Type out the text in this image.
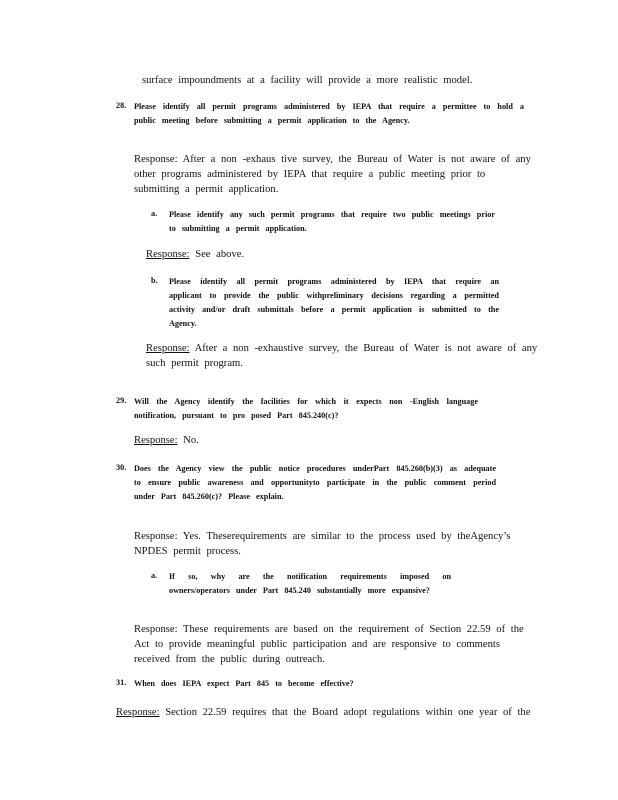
surface impoundments at a facility will provide a more realistic model.

28. Please identify all permit programs administered by IEPA that require a permittee to hold a public meeting before submitting a permit application to the Agency.

Response: After a non -exhaus tive survey, the Bureau of Water is not aware of any other programs administered by IEPA that require a public meeting prior to submitting a permit application.

a. Please identify any such permit programs that require two public meetings prior to submitting a permit application.

Response: See above.

b. Please identify all permit programs administered by IEPA that require an applicant to provide the public withpreliminary decisions regarding a permitted activity and/or draft submittals before a permit application is submitted to the Agency.

Response: After a non -exhaustive survey, the Bureau of Water is not aware of any such permit program.

29. Will the Agency identify the facilities for which it expects non -English language notification, pursuant to pro posed Part 845.240(c)?

Response: No.

30. Does the Agency view the public notice procedures underPart 845.260(b)(3) as adequate to ensure public awareness and opportunityto participate in the public comment period under Part 845.260(c)? Please explain.

Response: Yes. Theserequirements are similar to the process used by theAgency’s NPDES permit process.

a. If so, why are the notification requirements imposed on owners/operators under Part 845.240 substantially more expansive?

Response: These requirements are based on the requirement of Section 22.59 of the Act to provide meaningful public participation and are responsive to comments received from the public during outreach.

31. When does IEPA expect Part 845 to become effective?

Response: Section 22.59 requires that the Board adopt regulations within one year of the
